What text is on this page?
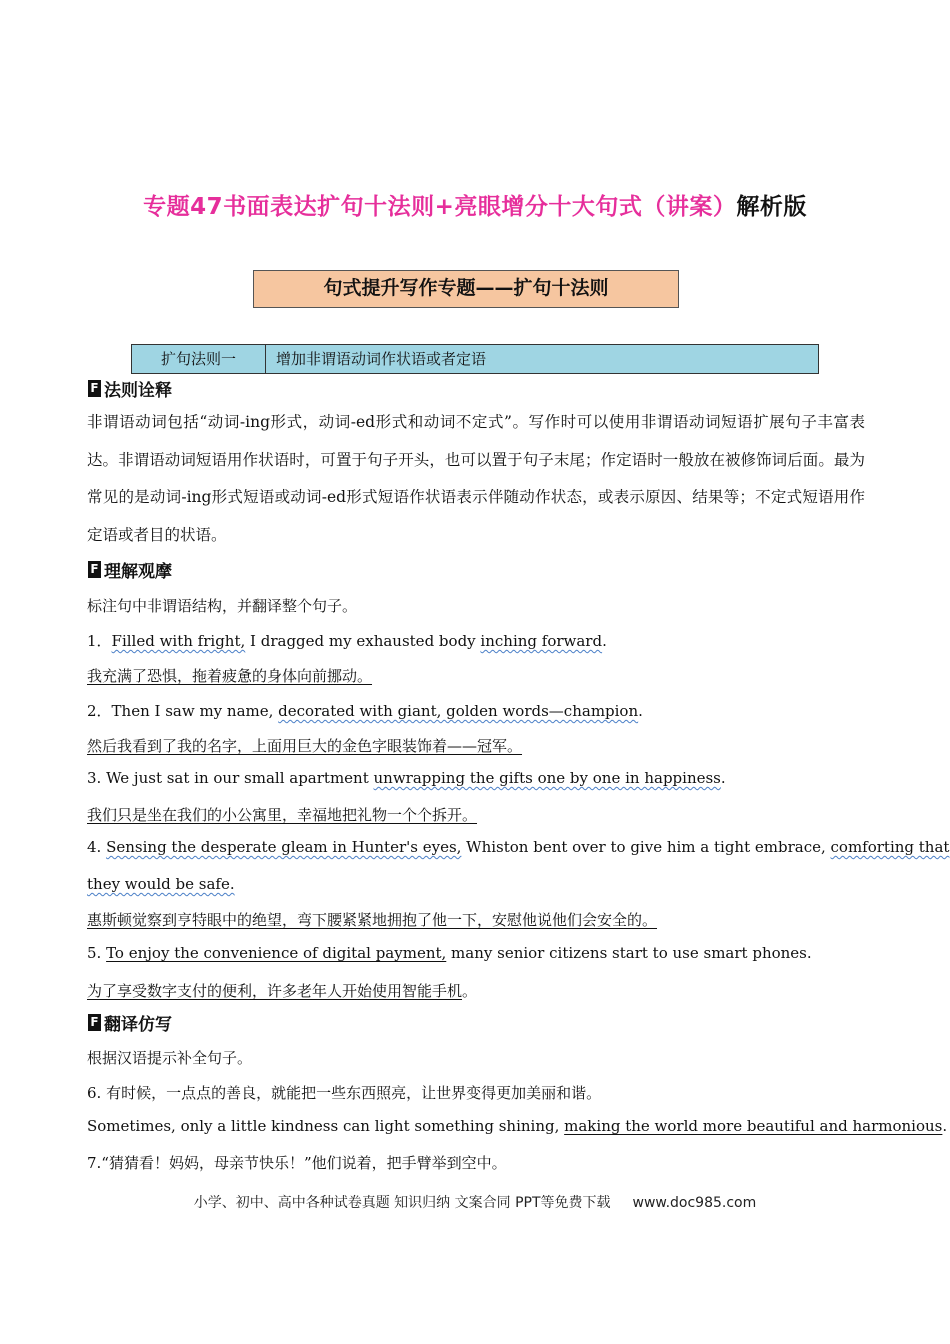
专题47书面表达扩句十法则+亮眼增分十大句式（讲案）解析版
句式提升写作专题——扩句十法则
扩句法则一	增加非谓语动词作状语或者定语
F 法则诠释
非谓语动词包括“动词-ing形式，动词-ed形式和动词不定式”。写作时可以使用非谓语动词短语扩展句子丰富表达。非谓语动词短语用作状语时，可置于句子开头，也可以置于句子末尾；作定语时一般放在被修饰词后面。最为常见的是动词-ing形式短语或动词-ed形式短语作状语表示伴随动作状态，或表示原因、结果等；不定式短语用作定语或者目的状语。
F 理解观摩
标注句中非谓语结构，并翻译整个句子。
1．Filled with fright, I dragged my exhausted body inching forward.
我充满了恐惧，拖着疲惫的身体向前挪动。
2．Then I saw my name, decorated with giant, golden words—champion.
然后我看到了我的名字，上面用巨大的金色字眼装饰着——冠军。
3. We just sat in our small apartment unwrapping the gifts one by one in happiness.
我们只是坐在我们的小公寓里，幸福地把礼物一个个拆开。
4. Sensing the desperate gleam in Hunter's eyes, Whiston bent over to give him a tight embrace, comforting that
they would be safe.
惠斯顿觉察到亨特眼中的绝望，弯下腰紧紧地拥抱了他一下，安慰他说他们会安全的。
5. To enjoy the convenience of digital payment, many senior citizens start to use smart phones.
为了享受数字支付的便利，许多老年人开始使用智能手机。
F 翻译仿写
根据汉语提示补全句子。
6. 有时候，一点点的善良，就能把一些东西照亮，让世界变得更加美丽和谐。
Sometimes, only a little kindness can light something shining, making the world more beautiful and harmonious.
7.“猜猜看！妈妈，母亲节快乐！”他们说着，把手臂举到空中。
小学、初中、高中各种试卷真题 知识归纳 文案合同 PPT等免费下载 www.doc985.com
